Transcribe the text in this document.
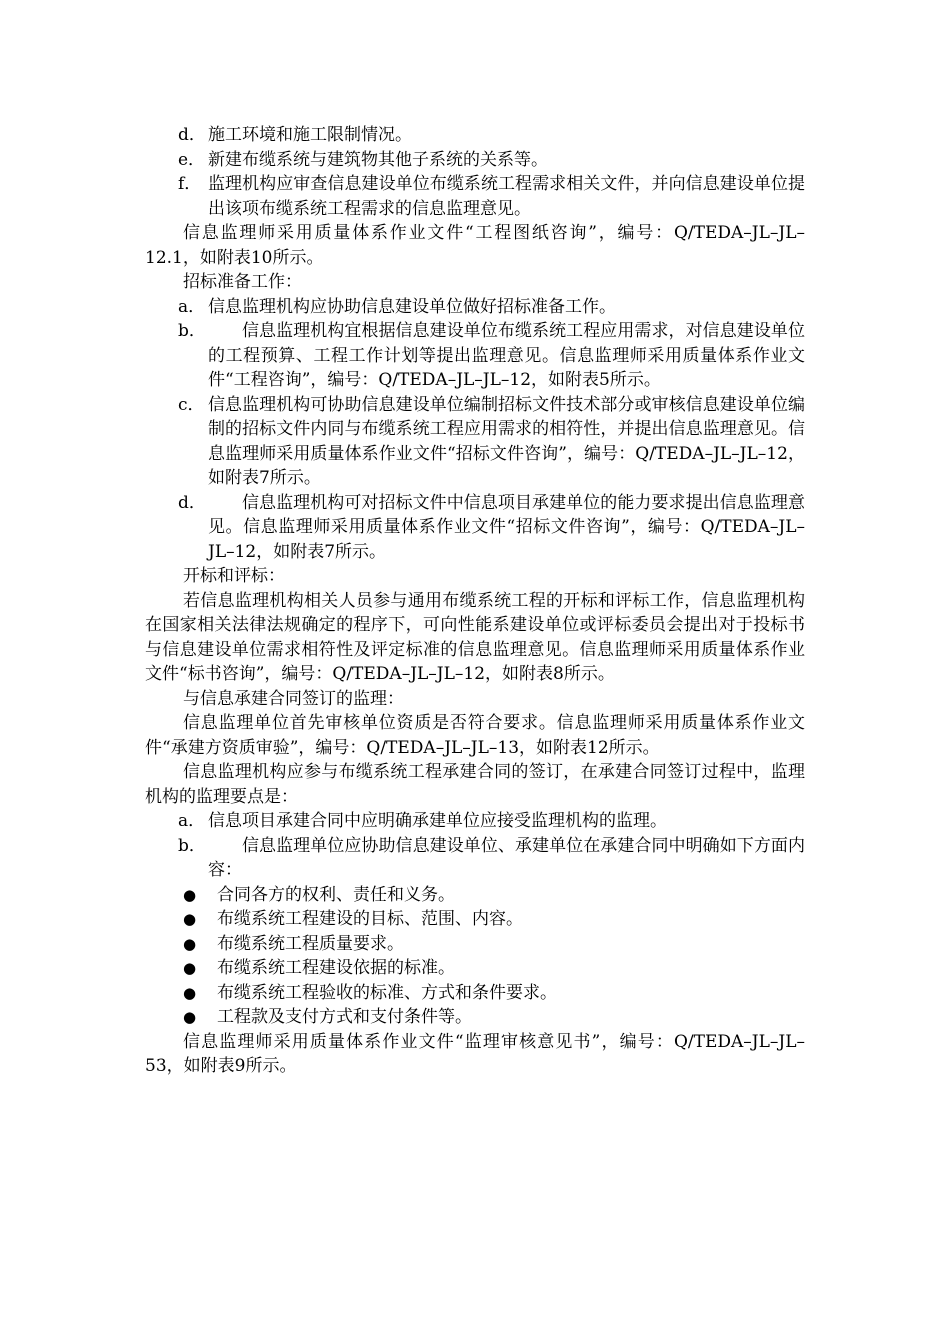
d． 施工环境和施工限制情况。
e． 新建布缆系统与建筑物其他子系统的关系等。
f． 监理机构应审查信息建设单位布缆系统工程需求相关文件，并向信息建设单位提出该项布缆系统工程需求的信息监理意见。
信息监理师采用质量体系作业文件“工程图纸咨询”，编号：Q/TEDA–JL–JL–12.1，如附表10所示。
招标准备工作：
a． 信息监理机构应协助信息建设单位做好招标准备工作。
b．	信息监理机构宜根据信息建设单位布缆系统工程应用需求，对信息建设单位的工程预算、工程工作计划等提出监理意见。信息监理师采用质量体系作业文件“工程咨询”，编号：Q/TEDA–JL–JL–12，如附表5所示。
c． 信息监理机构可协助信息建设单位编制招标文件技术部分或审核信息建设单位编制的招标文件内同与布缆系统工程应用需求的相符性，并提出信息监理意见。信息监理师采用质量体系作业文件“招标文件咨询”，编号：Q/TEDA–JL–JL–12，如附表7所示。
d．	信息监理机构可对招标文件中信息项目承建单位的能力要求提出信息监理意见。信息监理师采用质量体系作业文件“招标文件咨询”，编号：Q/TEDA–JL–JL–12，如附表7所示。
开标和评标：
若信息监理机构相关人员参与通用布缆系统工程的开标和评标工作，信息监理机构在国家相关法律法规确定的程序下，可向性能系建设单位或评标委员会提出对于投标书与信息建设单位需求相符性及评定标准的信息监理意见。信息监理师采用质量体系作业文件“标书咨询”，编号：Q/TEDA–JL–JL–12，如附表8所示。
与信息承建合同签订的监理：
信息监理单位首先审核单位资质是否符合要求。信息监理师采用质量体系作业文件“承建方资质审验”，编号：Q/TEDA–JL–JL–13，如附表12所示。
信息监理机构应参与布缆系统工程承建合同的签订，在承建合同签订过程中，监理机构的监理要点是：
a． 信息项目承建合同中应明确承建单位应接受监理机构的监理。
b．	信息监理单位应协助信息建设单位、承建单位在承建合同中明确如下方面内容：
●	合同各方的权利、责任和义务。
●	布缆系统工程建设的目标、范围、内容。
●	布缆系统工程质量要求。
●	布缆系统工程建设依据的标准。
●	布缆系统工程验收的标准、方式和条件要求。
●	工程款及支付方式和支付条件等。
信息监理师采用质量体系作业文件“监理审核意见书”，编号：Q/TEDA–JL–JL–53，如附表9所示。
